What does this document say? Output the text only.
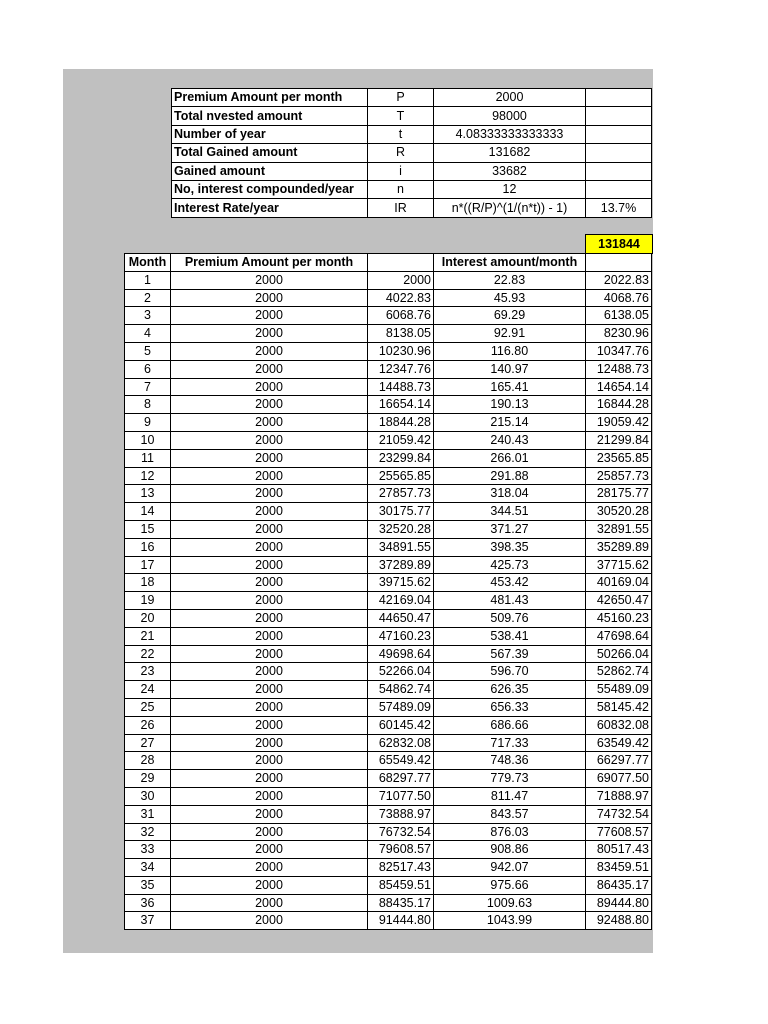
Premium Amount per month	P	2000	
Total nvested amount	T	98000	
Number of year	t	4.08333333333333	
Total Gained amount	R	131682	
Gained amount	i	33682	
No, interest compounded/year	n	12	
Interest Rate/year	IR	n*((R/P)^(1/(n*t)) - 1)	13.7%
131844
Month	Premium Amount per month		Interest amount/month	
1	2000	2000	22.83	2022.83
2	2000	4022.83	45.93	4068.76
3	2000	6068.76	69.29	6138.05
4	2000	8138.05	92.91	8230.96
5	2000	10230.96	116.80	10347.76
6	2000	12347.76	140.97	12488.73
7	2000	14488.73	165.41	14654.14
8	2000	16654.14	190.13	16844.28
9	2000	18844.28	215.14	19059.42
10	2000	21059.42	240.43	21299.84
11	2000	23299.84	266.01	23565.85
12	2000	25565.85	291.88	25857.73
13	2000	27857.73	318.04	28175.77
14	2000	30175.77	344.51	30520.28
15	2000	32520.28	371.27	32891.55
16	2000	34891.55	398.35	35289.89
17	2000	37289.89	425.73	37715.62
18	2000	39715.62	453.42	40169.04
19	2000	42169.04	481.43	42650.47
20	2000	44650.47	509.76	45160.23
21	2000	47160.23	538.41	47698.64
22	2000	49698.64	567.39	50266.04
23	2000	52266.04	596.70	52862.74
24	2000	54862.74	626.35	55489.09
25	2000	57489.09	656.33	58145.42
26	2000	60145.42	686.66	60832.08
27	2000	62832.08	717.33	63549.42
28	2000	65549.42	748.36	66297.77
29	2000	68297.77	779.73	69077.50
30	2000	71077.50	811.47	71888.97
31	2000	73888.97	843.57	74732.54
32	2000	76732.54	876.03	77608.57
33	2000	79608.57	908.86	80517.43
34	2000	82517.43	942.07	83459.51
35	2000	85459.51	975.66	86435.17
36	2000	88435.17	1009.63	89444.80
37	2000	91444.80	1043.99	92488.80
